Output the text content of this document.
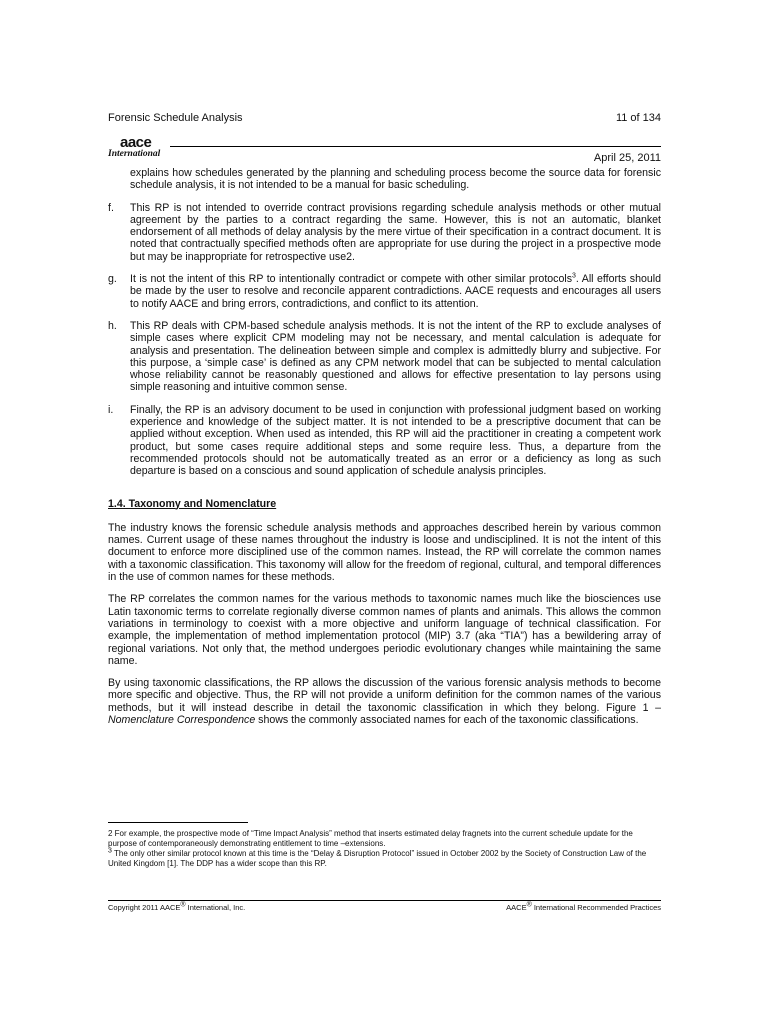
Forensic Schedule Analysis	11 of 134
aace
International	April 25, 2011
explains how schedules generated by the planning and scheduling process become the source data for forensic schedule analysis, it is not intended to be a manual for basic scheduling.
f.	This RP is not intended to override contract provisions regarding schedule analysis methods or other mutual agreement by the parties to a contract regarding the same. However, this is not an automatic, blanket endorsement of all methods of delay analysis by the mere virtue of their specification in a contract document. It is noted that contractually specified methods often are appropriate for use during the project in a prospective mode but may be inappropriate for retrospective use2.
g.	It is not the intent of this RP to intentionally contradict or compete with other similar protocols$^3$. All efforts should be made by the user to resolve and reconcile apparent contradictions. AACE requests and encourages all users to notify AACE and bring errors, contradictions, and conflict to its attention.
h.	This RP deals with CPM-based schedule analysis methods. It is not the intent of the RP to exclude analyses of simple cases where explicit CPM modeling may not be necessary, and mental calculation is adequate for analysis and presentation. The delineation between simple and complex is admittedly blurry and subjective. For this purpose, a ‘simple case’ is defined as any CPM network model that can be subjected to mental calculation whose reliability cannot be reasonably questioned and allows for effective presentation to lay persons using simple reasoning and intuitive common sense.
i.	Finally, the RP is an advisory document to be used in conjunction with professional judgment based on working experience and knowledge of the subject matter. It is not intended to be a prescriptive document that can be applied without exception. When used as intended, this RP will aid the practitioner in creating a competent work product, but some cases require additional steps and some require less. Thus, a departure from the recommended protocols should not be automatically treated as an error or a deficiency as long as such departure is based on a conscious and sound application of schedule analysis principles.
1.4. Taxonomy and Nomenclature

The industry knows the forensic schedule analysis methods and approaches described herein by various common names. Current usage of these names throughout the industry is loose and undisciplined. It is not the intent of this document to enforce more disciplined use of the common names. Instead, the RP will correlate the common names with a taxonomic classification. This taxonomy will allow for the freedom of regional, cultural, and temporal differences in the use of common names for these methods.

The RP correlates the common names for the various methods to taxonomic names much like the biosciences use Latin taxonomic terms to correlate regionally diverse common names of plants and animals. This allows the common variations in terminology to coexist with a more objective and uniform language of technical classification. For example, the implementation of method implementation protocol (MIP) 3.7 (aka “TIA”) has a bewildering array of regional variations. Not only that, the method undergoes periodic evolutionary changes while maintaining the same name.

By using taxonomic classifications, the RP allows the discussion of the various forensic analysis methods to become more specific and objective. Thus, the RP will not provide a uniform definition for the common names of the various methods, but it will instead describe in detail the taxonomic classification in which they belong. Figure 1 – Nomenclature Correspondence shows the commonly associated names for each of the taxonomic classifications.

2 For example, the prospective mode of “Time Impact Analysis” method that inserts estimated delay fragnets into the current schedule update for the purpose of contemporaneously demonstrating entitlement to time –extensions.
$^3$ The only other similar protocol known at this time is the “Delay & Disruption Protocol” issued in October 2002 by the Society of Construction Law of the United Kingdom [1]. The DDP has a wider scope than this RP.
Copyright 2011 AACE® International, Inc.	AACE® International Recommended Practices
